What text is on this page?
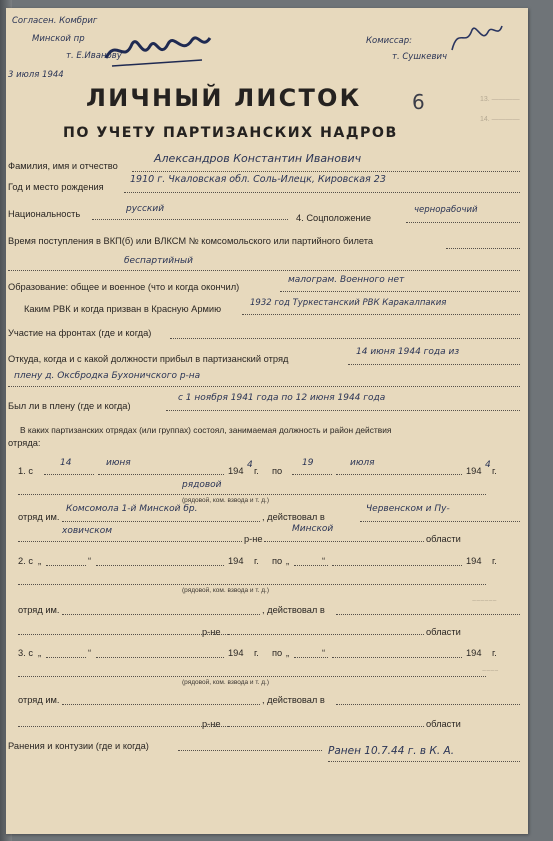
Согласен. Комбриг
Минской пр
т. Е.Иванову
3 июля 1944
Комиссар:
т. Сушкевич
6	13. ————
14. ————
ЛИЧНЫЙ ЛИСТОК
ПО УЧЕТУ ПАРТИЗАНСКИХ НАДРОВ
Фамилия, имя и отчество
Александров Константин Иванович
Год и место рождения
1910 г. Чкаловская обл. Соль-Илецк, Кировская 23
Национальность	русский
4. Соцположение
чернорабочий
Время поступления в ВКП(б) или ВЛКСМ № комсомольского или партийного билета
беспартийный
Образование: общее и военное (что и когда окончил)
малограм. Военного нет
Каким РВК и когда призван в Красную Армию
1932 год Туркестанский РВК Каракалпакия
Участие на фронтах (где и когда)
Откуда, когда и с какой должности прибыл в партизанский отряд
14 июня 1944 года из
плену д. Оксбродка Бухоничского р-на
Был ли в плену (где и когда)
с 1 ноября 1941 года по 12 июня 1944 года
В каких партизанских отрядах (или группах) состоял, занимаемая должность и район действия
отряда:
1. с
14	июня
194
4
г. по
19	июля
194
4
г.
рядовой
(рядовой, ком. взвода и т. д.)
отряд им.
Комсомола 1-й Минской бр.
, действовал в
Червенском и Пу-
ховичском
р-не
Минской
области
2. с „	“	194 г. по „	“	194 г.
(рядовой, ком. взвода и т. д.)
отряд им.	, действовал в
р-не	области
3. с „	“	194 г. по „	“	194 г.
(рядовой, ком. взвода и т. д.)
отряд им.	, действовал в
р-не	области
Ранения и контузии (где и когда)	Ранен 10.7.44 г. в К. А.
~~~~~~
~~~~
